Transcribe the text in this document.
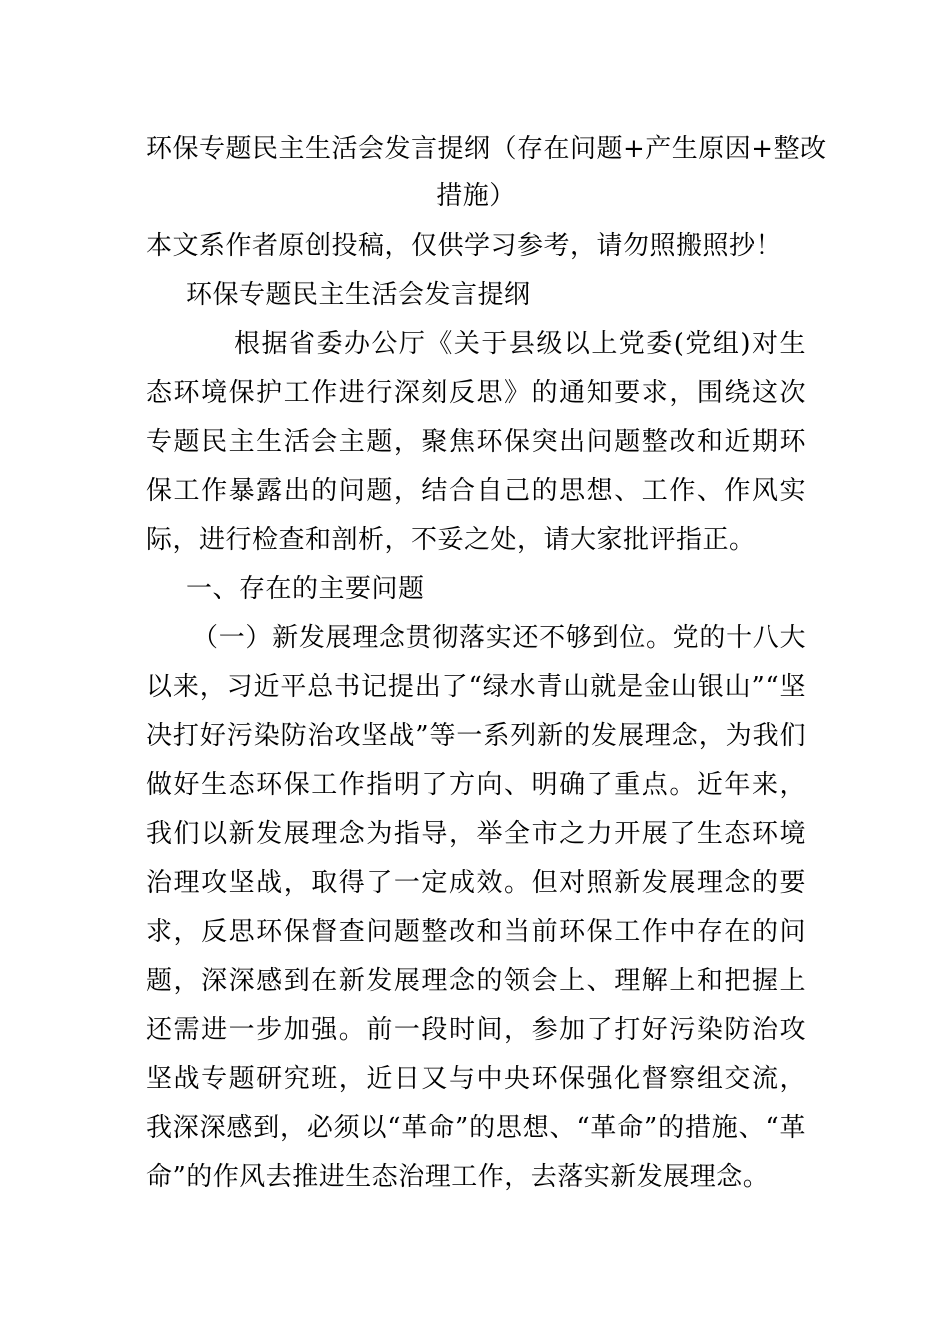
环保专题民主生活会发言提纲（存在问题+产生原因+整改
措施）

本文系作者原创投稿，仅供学习参考，请勿照搬照抄！

环保专题民主生活会发言提纲

根据省委办公厅《关于县级以上党委(党组)对生态环境保护工作进行深刻反思》的通知要求，围绕这次专题民主生活会主题，聚焦环保突出问题整改和近期环保工作暴露出的问题，结合自己的思想、工作、作风实际，进行检查和剖析，不妥之处，请大家批评指正。

一、存在的主要问题

（一）新发展理念贯彻落实还不够到位。党的十八大以来，习近平总书记提出了“绿水青山就是金山银山”“坚决打好污染防治攻坚战”等一系列新的发展理念，为我们做好生态环保工作指明了方向、明确了重点。近年来，我们以新发展理念为指导，举全市之力开展了生态环境治理攻坚战，取得了一定成效。但对照新发展理念的要求，反思环保督查问题整改和当前环保工作中存在的问题，深深感到在新发展理念的领会上、理解上和把握上还需进一步加强。前一段时间，参加了打好污染防治攻坚战专题研究班，近日又与中央环保强化督察组交流，我深深感到，必须以“革命”的思想、“革命”的措施、“革命”的作风去推进生态治理工作，去落实新发展理念。
